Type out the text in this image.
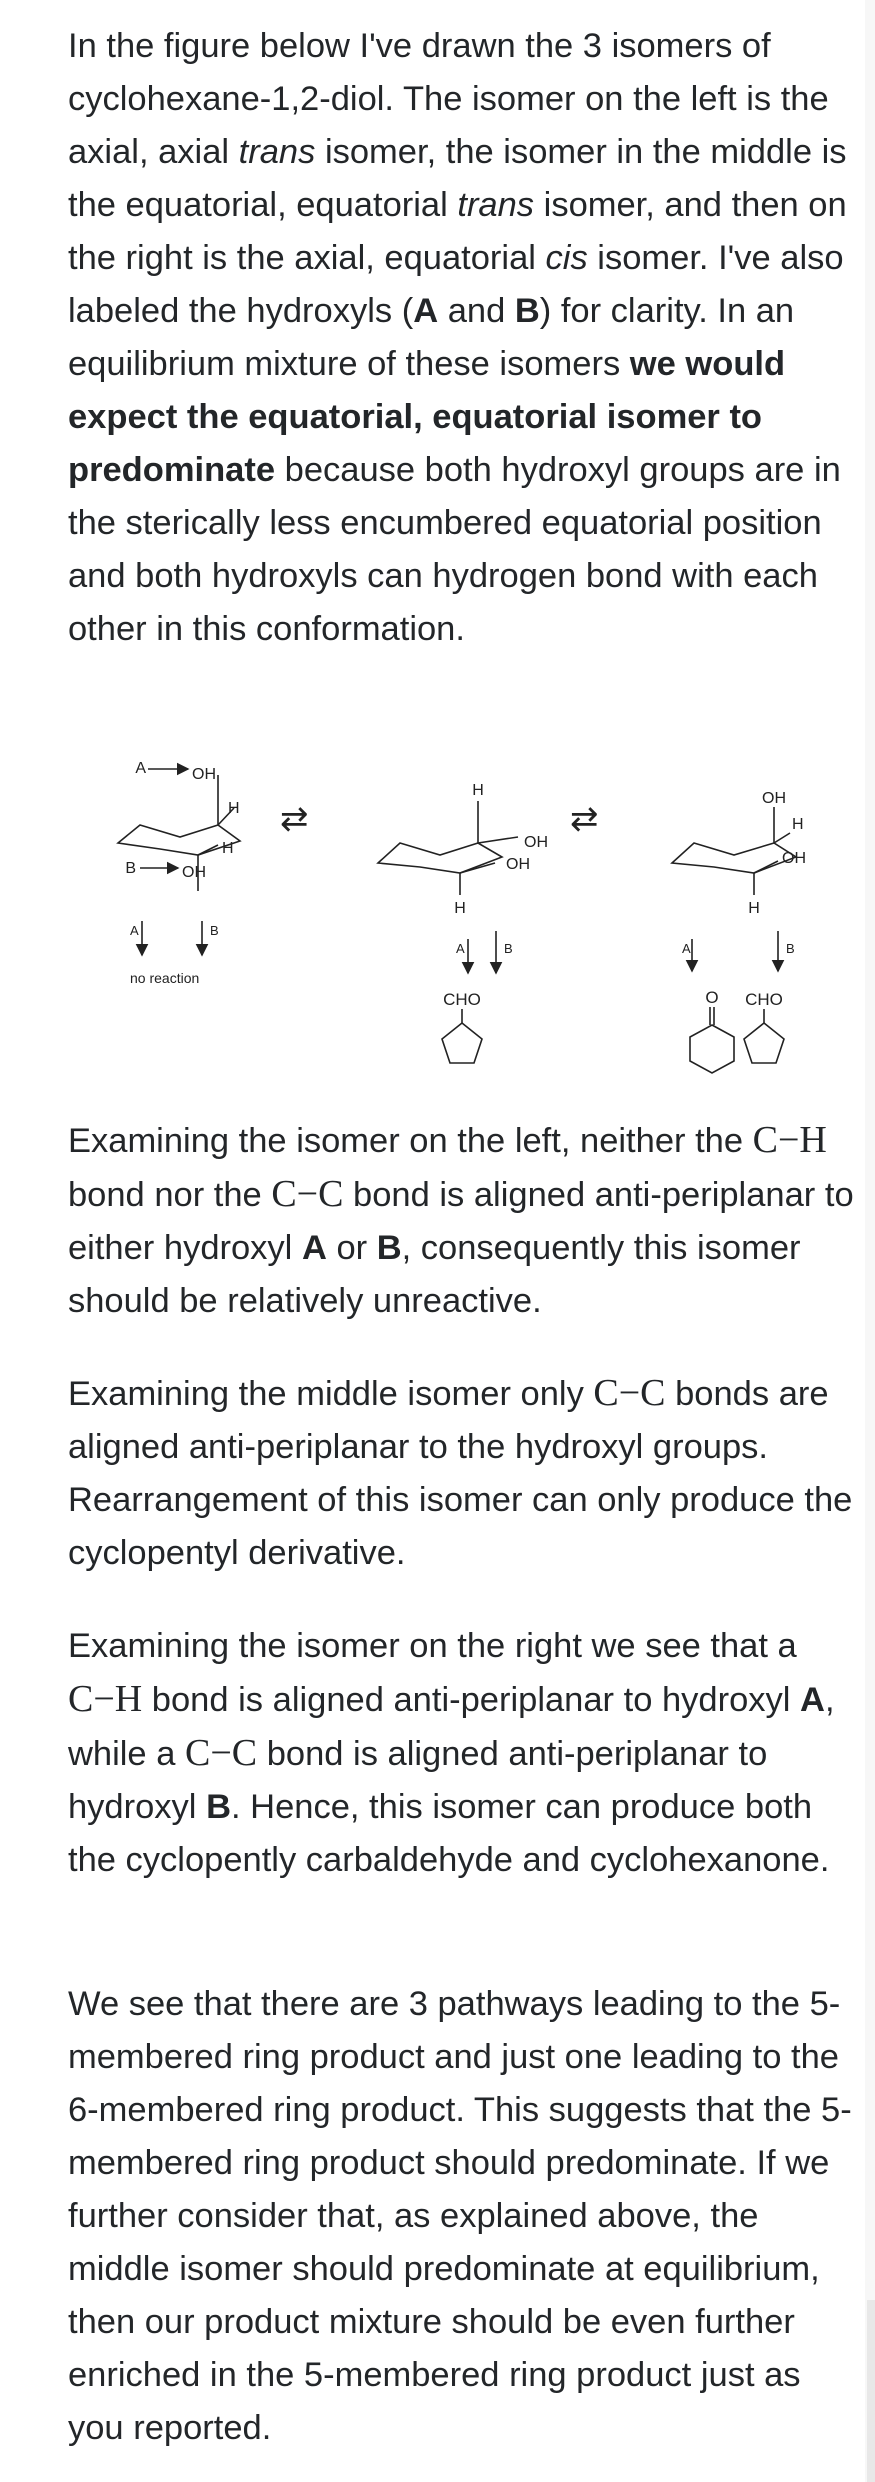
In the figure below I've drawn the 3 isomers of cyclohexane-1,2-diol. The isomer on the left is the axial, axial trans isomer, the isomer in the middle is the equatorial, equatorial trans isomer, and then on the right is the axial, equatorial cis isomer. I've also labeled the hydroxyls (A and B) for clarity. In an equilibrium mixture of these isomers we would expect the equatorial, equatorial isomer to predominate because both hydroxyl groups are in the sterically less encumbered equatorial position and both hydroxyls can hydrogen bond with each other in this conformation.

A	OH
H
H
B	OH
A	B
no reaction
⇄
H
OH
OH
H
A	B
CHO
⇄
OH
H
OH
H
A	B
O CHO

Examining the isomer on the left, neither the C−H bond nor the C−C bond is aligned anti-periplanar to either hydroxyl A or B, consequently this isomer should be relatively unreactive.

Examining the middle isomer only C−C bonds are aligned anti-periplanar to the hydroxyl groups. Rearrangement of this isomer can only produce the cyclopentyl derivative.

Examining the isomer on the right we see that a C−H bond is aligned anti-periplanar to hydroxyl A, while a C−C bond is aligned anti-periplanar to hydroxyl B. Hence, this isomer can produce both the cyclopently carbaldehyde and cyclohexanone.

We see that there are 3 pathways leading to the 5-membered ring product and just one leading to the 6-membered ring product. This suggests that the 5-membered ring product should predominate. If we further consider that, as explained above, the middle isomer should predominate at equilibrium, then our product mixture should be even further enriched in the 5-membered ring product just as you reported.
